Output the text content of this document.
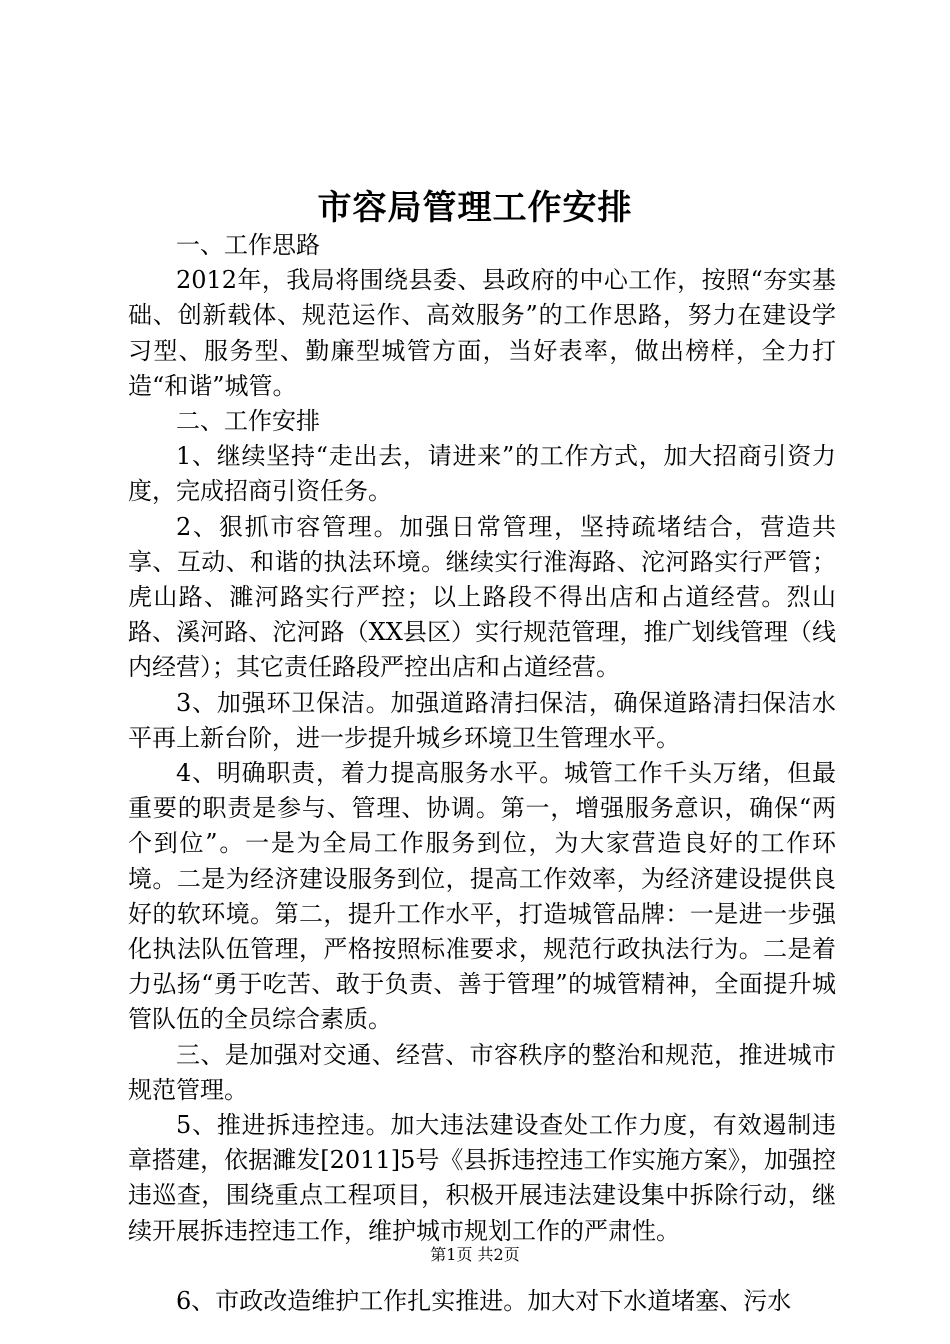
市容局管理工作安排

一、工作思路

2012年，我局将围绕县委、县政府的中心工作，按照“夯实基础、创新载体、规范运作、高效服务”的工作思路，努力在建设学习型、服务型、勤廉型城管方面，当好表率，做出榜样，全力打造“和谐”城管。

二、工作安排

1、继续坚持“走出去，请进来”的工作方式，加大招商引资力度，完成招商引资任务。

2、狠抓市容管理。加强日常管理，坚持疏堵结合，营造共享、互动、和谐的执法环境。继续实行淮海路、沱河路实行严管；虎山路、濉河路实行严控；以上路段不得出店和占道经营。烈山路、溪河路、沱河路（XX县区）实行规范管理，推广划线管理（线内经营）；其它责任路段严控出店和占道经营。

3、加强环卫保洁。加强道路清扫保洁，确保道路清扫保洁水平再上新台阶，进一步提升城乡环境卫生管理水平。

4、明确职责，着力提高服务水平。城管工作千头万绪，但最重要的职责是参与、管理、协调。第一，增强服务意识，确保“两个到位”。一是为全局工作服务到位，为大家营造良好的工作环境。二是为经济建设服务到位，提高工作效率，为经济建设提供良好的软环境。第二，提升工作水平，打造城管品牌：一是进一步强化执法队伍管理，严格按照标准要求，规范行政执法行为。二是着力弘扬“勇于吃苦、敢于负责、善于管理”的城管精神，全面提升城管队伍的全员综合素质。

三、是加强对交通、经营、市容秩序的整治和规范，推进城市规范管理。

5、推进拆违控违。加大违法建设查处工作力度，有效遏制违章搭建，依据濉发[2011]5号《县拆违控违工作实施方案》，加强控违巡查，围绕重点工程项目，积极开展违法建设集中拆除行动，继续开展拆违控违工作，维护城市规划工作的严肃性。

6、市政改造维护工作扎实推进。加大对下水道堵塞、污水

第1页 共2页
